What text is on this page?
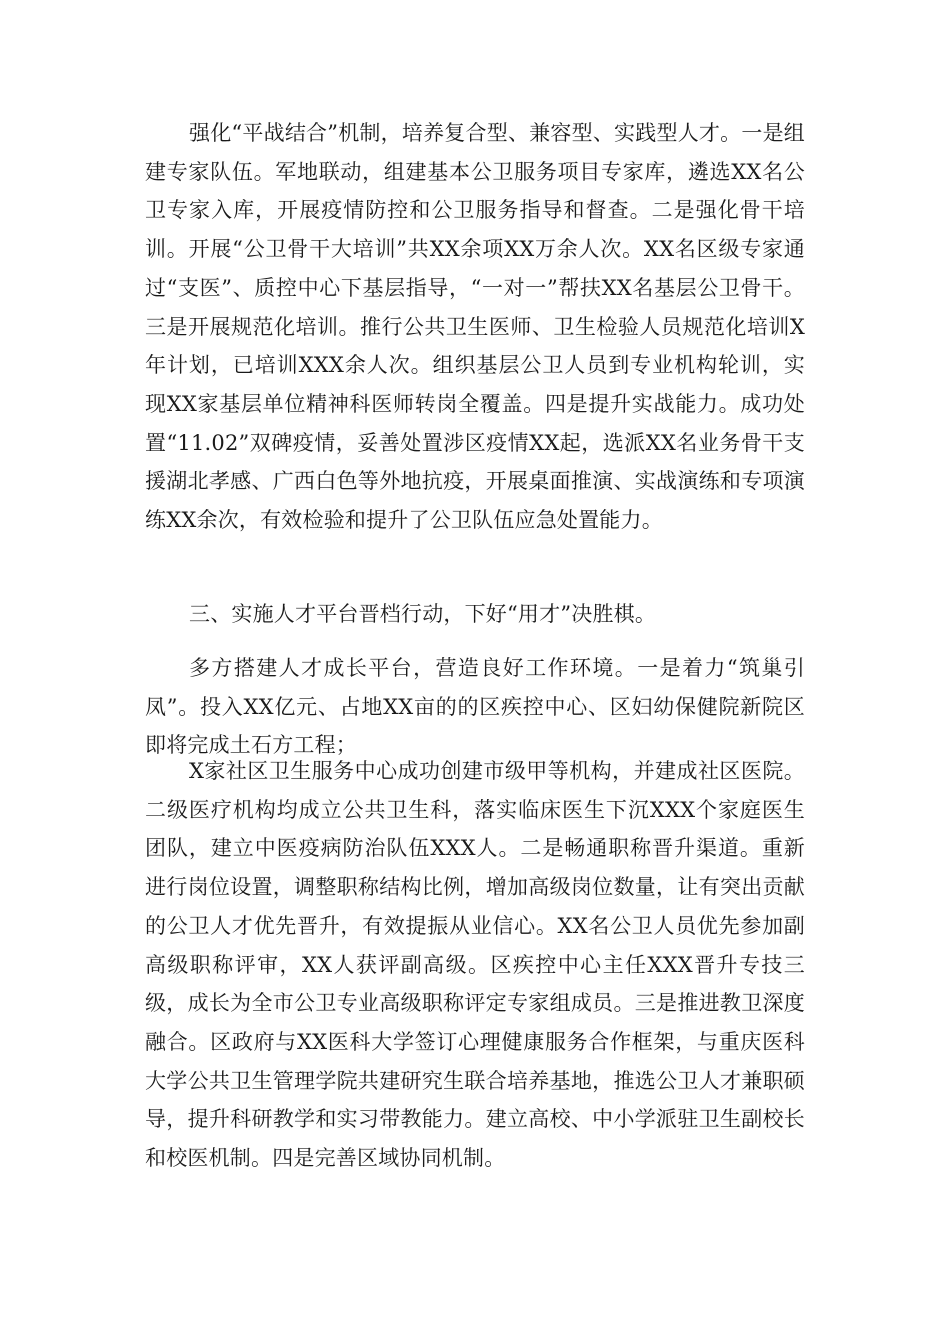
强化“平战结合”机制，培养复合型、兼容型、实践型人才。一是组建专家队伍。军地联动，组建基本公卫服务项目专家库，遴选XX名公卫专家入库，开展疫情防控和公卫服务指导和督查。二是强化骨干培训。开展“公卫骨干大培训”共XX余项XX万余人次。XX名区级专家通过“支医”、质控中心下基层指导，“一对一”帮扶XX名基层公卫骨干。三是开展规范化培训。推行公共卫生医师、卫生检验人员规范化培训X年计划，已培训XXX余人次。组织基层公卫人员到专业机构轮训，实现XX家基层单位精神科医师转岗全覆盖。四是提升实战能力。成功处置“11.02”双碑疫情，妥善处置涉区疫情XX起，选派XX名业务骨干支援湖北孝感、广西白色等外地抗疫，开展桌面推演、实战演练和专项演练XX余次，有效检验和提升了公卫队伍应急处置能力。

三、实施人才平台晋档行动，下好“用才”决胜棋。

多方搭建人才成长平台，营造良好工作环境。一是着力“筑巢引凤”。投入XX亿元、占地XX亩的的区疾控中心、区妇幼保健院新院区即将完成土石方工程；

X家社区卫生服务中心成功创建市级甲等机构，并建成社区医院。二级医疗机构均成立公共卫生科，落实临床医生下沉XXX个家庭医生团队，建立中医疫病防治队伍XXX人。二是畅通职称晋升渠道。重新进行岗位设置，调整职称结构比例，增加高级岗位数量，让有突出贡献的公卫人才优先晋升，有效提振从业信心。XX名公卫人员优先参加副高级职称评审，XX人获评副高级。区疾控中心主任XXX晋升专技三级，成长为全市公卫专业高级职称评定专家组成员。三是推进教卫深度融合。区政府与XX医科大学签订心理健康服务合作框架，与重庆医科大学公共卫生管理学院共建研究生联合培养基地，推选公卫人才兼职硕导，提升科研教学和实习带教能力。建立高校、中小学派驻卫生副校长和校医机制。四是完善区域协同机制。
